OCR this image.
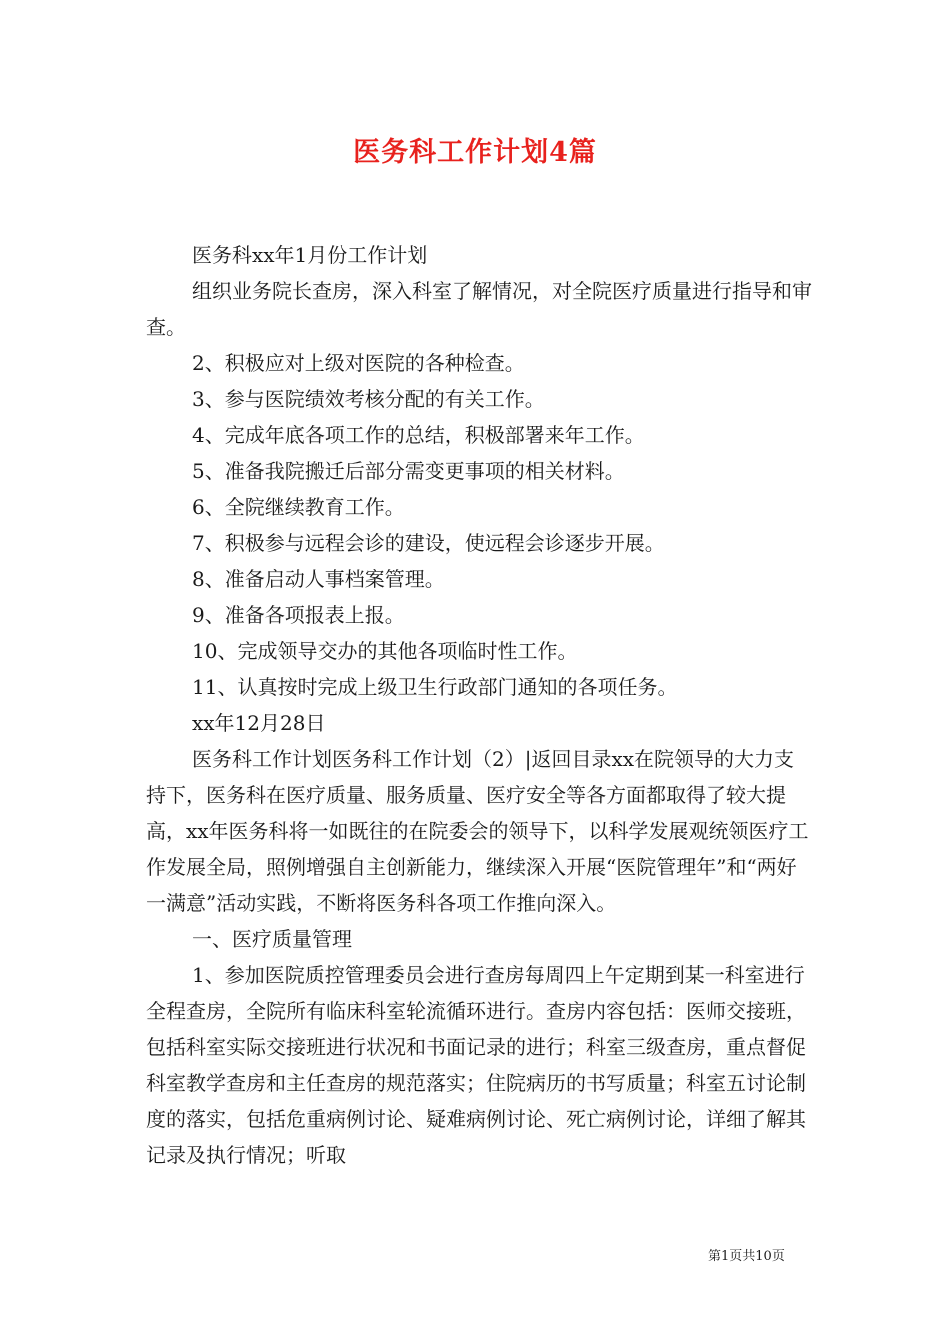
医务科工作计划4篇

医务科xx年1月份工作计划

组织业务院长查房，深入科室了解情况，对全院医疗质量进行指导和审查。

2、积极应对上级对医院的各种检查。

3、参与医院绩效考核分配的有关工作。

4、完成年底各项工作的总结，积极部署来年工作。

5、准备我院搬迁后部分需变更事项的相关材料。

6、全院继续教育工作。

7、积极参与远程会诊的建设，使远程会诊逐步开展。

8、准备启动人事档案管理。

9、准备各项报表上报。

10、完成领导交办的其他各项临时性工作。

11、认真按时完成上级卫生行政部门通知的各项任务。

xx年12月28日

医务科工作计划医务科工作计划（2）|返回目录xx在院领导的大力支持下，医务科在医疗质量、服务质量、医疗安全等各方面都取得了较大提高，xx年医务科将一如既往的在院委会的领导下，以科学发展观统领医疗工作发展全局，照例增强自主创新能力，继续深入开展“医院管理年”和“两好一满意”活动实践，不断将医务科各项工作推向深入。

一、医疗质量管理

1、参加医院质控管理委员会进行查房每周四上午定期到某一科室进行全程查房，全院所有临床科室轮流循环进行。查房内容包括：医师交接班，包括科室实际交接班进行状况和书面记录的进行；科室三级查房，重点督促科室教学查房和主任查房的规范落实；住院病历的书写质量；科室五讨论制度的落实，包括危重病例讨论、疑难病例讨论、死亡病例讨论，详细了解其记录及执行情况；听取

第1页共10页
